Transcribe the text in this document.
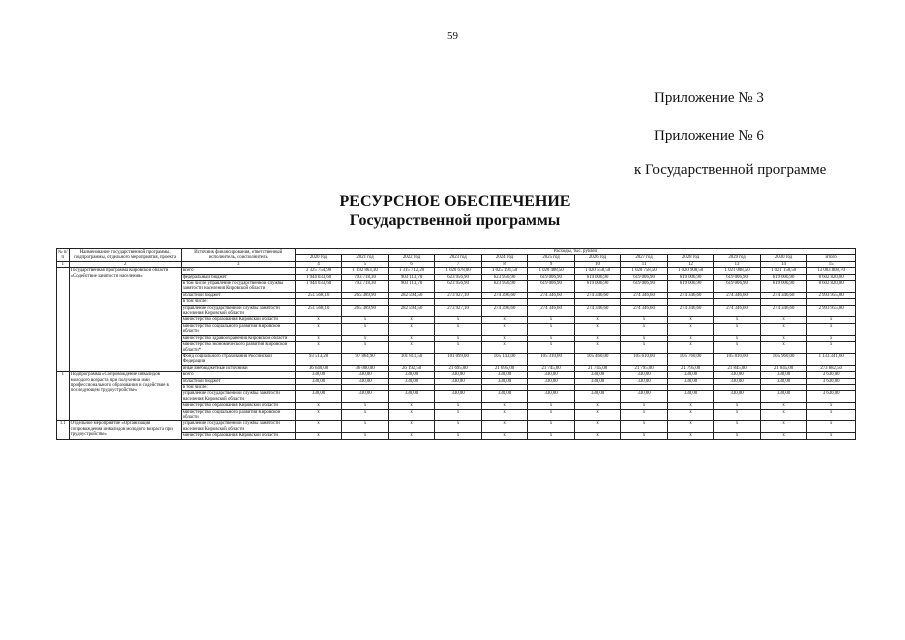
59
Приложение № 3
Приложение № 6
к Государственной программе
РЕСУРСНОЕ ОБЕСПЕЧЕНИЕ
Государственной программы
№ п/п	Наименование государственной программы, подпрограммы, отдельного мероприятия, проекта	Источник финансирования, ответственный исполнитель, соисполнитель	Расходы, тыс. рублей											
			2020 год	2021 год	2022 год	2023 год	2024 год	2025 год	2026 год	2027 год	2028 год	2029 год	2030 год	итого
1	2	3	4	5	6	7	8	9	10	11	12	13	14	15
	Государственная программа Кировской области «Содействие занятости населения»	всего	2 325 754,90	1 192 863,10	1 315 712,20	1 020 678,00	1 025 191,50	1 020 408,50	1 020 558,50	1 020 758,50	1 020 908,50	1 021 008,50	1 021 158,50	13 003 808,70
		федеральный бюджет	1 944 033,60	793 718,30	903 113,70	623 956,90	623 956,90	619 006,90	619 006,90	619 006,90	619 006,90	619 006,90	619 006,90	8 602 820,80
		в том числе управление государственной службы занятости населения Кировской области	1 944 033,60	793 718,30	903 113,70	623 956,90	623 956,90	619 006,90	619 006,90	619 006,90	619 006,90	619 006,90	619 006,90	8 602 820,80
		областной бюджет	251 568,10	265 389,90	282 594,50	273 927,10	274 396,60	274 346,60	274 346,60	274 346,60	274 346,60	274 346,60	274 346,60	2 993 955,80
		в том числе:												
		управление государственной службы занятости населения Кировской области	251 568,10	265 389,90	282 594,50	273 927,10	274 396,60	274 346,60	274 346,60	274 346,60	274 346,60	274 346,60	274 346,60	2 993 955,80
		министерство образования Кировской области	x	x	x	x	x	x	x	x	x	x	x	x
		министерство социального развития Кировской области	x	x	x	x	x	x	x	x	x	x	x	x
		министерство здравоохранения Кировской области	x	x	x	x	x	x	x	x	x	x	x	x
		министерство экономического развития Кировской области*	x	x	x	x	x	x	x	x	x	x	x	x
		Фонд социального страхования Российской Федерации	93 513,20	97 864,90	101 811,50	101 099,00	105 143,00	105 310,00	105 460,00	105 610,00	105 760,00	105 810,00	105 960,00	1 133 341,60
		иные внебюджетные источники	36 640,00	36 000,00	26 192,50	21 695,00	21 695,00	21 745,00	21 745,00	21 795,00	21 795,00	21 845,00	21 845,00	273 682,50
1	Подпрограмма «Сопровождение инвалидов молодого возраста при получении ими профессионального образования и содействие в последующем трудоустройстве»	всего	330,00	330,00	330,00	330,00	330,00	330,00	330,00	330,00	330,00	330,00	330,00	3 630,00
		областной бюджет	330,00	330,00	330,00	330,00	330,00	330,00	330,00	330,00	330,00	330,00	330,00	3 630,00
		в том числе:												
		управление государственной службы занятости населения Кировской области	330,00	330,00	330,00	330,00	330,00	330,00	330,00	330,00	330,00	330,00	330,00	3 630,00
		министерство образования Кировской области	x	x	x	x	x	x	x	x	x	x	x	x
		министерство социального развития Кировской области	x	x	x	x	x	x	x	x	x	x	x	x
1.1	Отдельное мероприятие «Организация сопровождения инвалидов молодого возраста при трудоустройстве»	управление государственной службы занятости населения Кировской области	x	x	x	x	x	x	x	x	x	x	x	x
		министерство образования Кировской области	x	x	x	x	x	x	x	x	x	x	x	x
